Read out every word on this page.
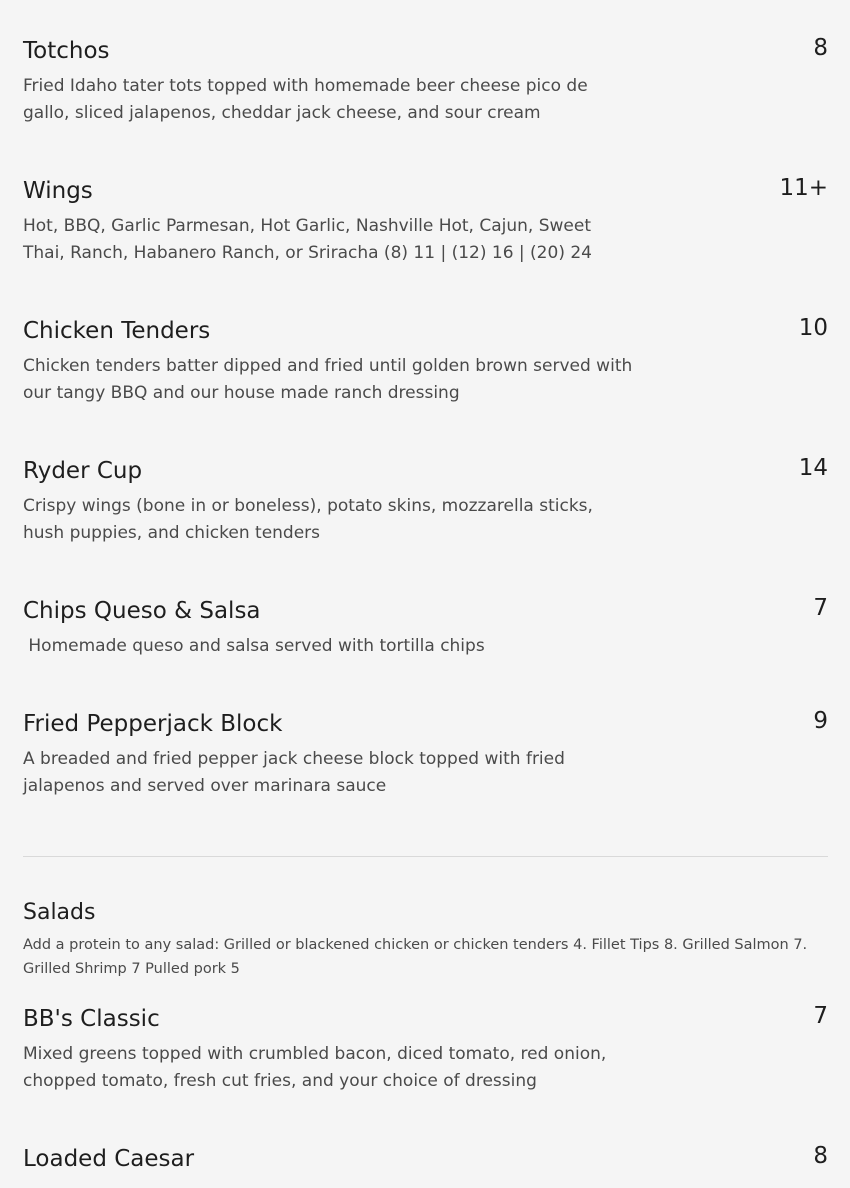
Totchos	8
Fried Idaho tater tots topped with homemade beer cheese pico de gallo, sliced jalapenos, cheddar jack cheese, and sour cream
Wings	11+
Hot, BBQ, Garlic Parmesan, Hot Garlic, Nashville Hot, Cajun, Sweet Thai, Ranch, Habanero Ranch, or Sriracha (8) 11 | (12) 16 | (20) 24
Chicken Tenders	10
Chicken tenders batter dipped and fried until golden brown served with our tangy BBQ and our house made ranch dressing
Ryder Cup	14
Crispy wings (bone in or boneless), potato skins, mozzarella sticks, hush puppies, and chicken tenders
Chips Queso & Salsa	7
Homemade queso and salsa served with tortilla chips
Fried Pepperjack Block	9
A breaded and fried pepper jack cheese block topped with fried jalapenos and served over marinara sauce
Salads
Add a protein to any salad: Grilled or blackened chicken or chicken tenders 4. Fillet Tips 8. Grilled Salmon 7. Grilled Shrimp 7 Pulled pork 5
BB's Classic	7
Mixed greens topped with crumbled bacon, diced tomato, red onion, chopped tomato, fresh cut fries, and your choice of dressing
Loaded Caesar	8
